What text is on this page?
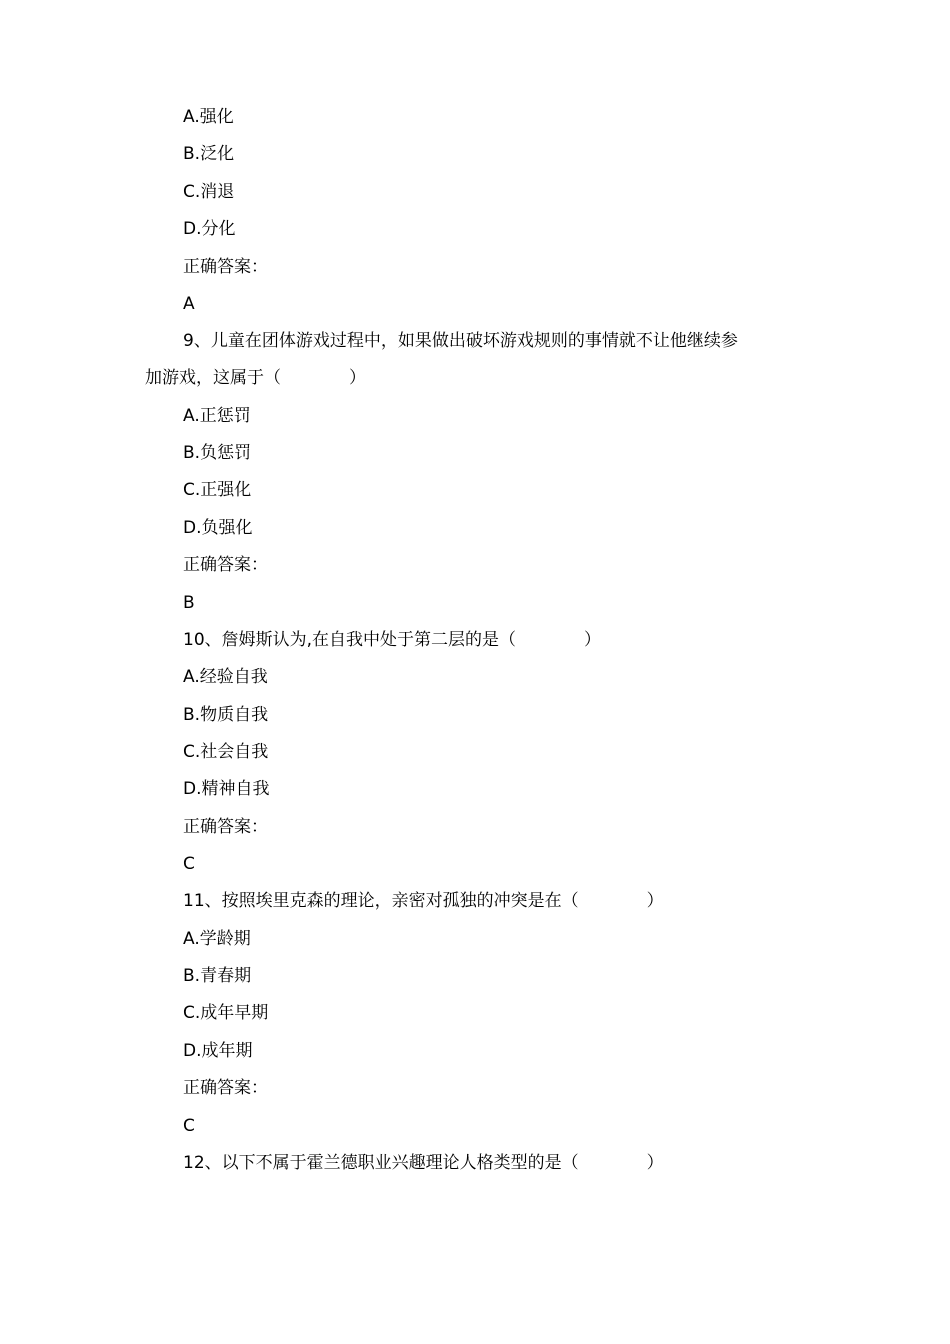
A.强化

B.泛化

C.消退

D.分化

正确答案：

A

9、儿童在团体游戏过程中，如果做出破坏游戏规则的事情就不让他继续参

加游戏，这属于（　　　　）

A.正惩罚

B.负惩罚

C.正强化

D.负强化

正确答案：

B

10、詹姆斯认为,在自我中处于第二层的是（　　　　）

A.经验自我

B.物质自我

C.社会自我

D.精神自我

正确答案：

C

11、按照埃里克森的理论，亲密对孤独的冲突是在（　　　　）

A.学龄期

B.青春期

C.成年早期

D.成年期

正确答案：

C

12、以下不属于霍兰德职业兴趣理论人格类型的是（　　　　）
